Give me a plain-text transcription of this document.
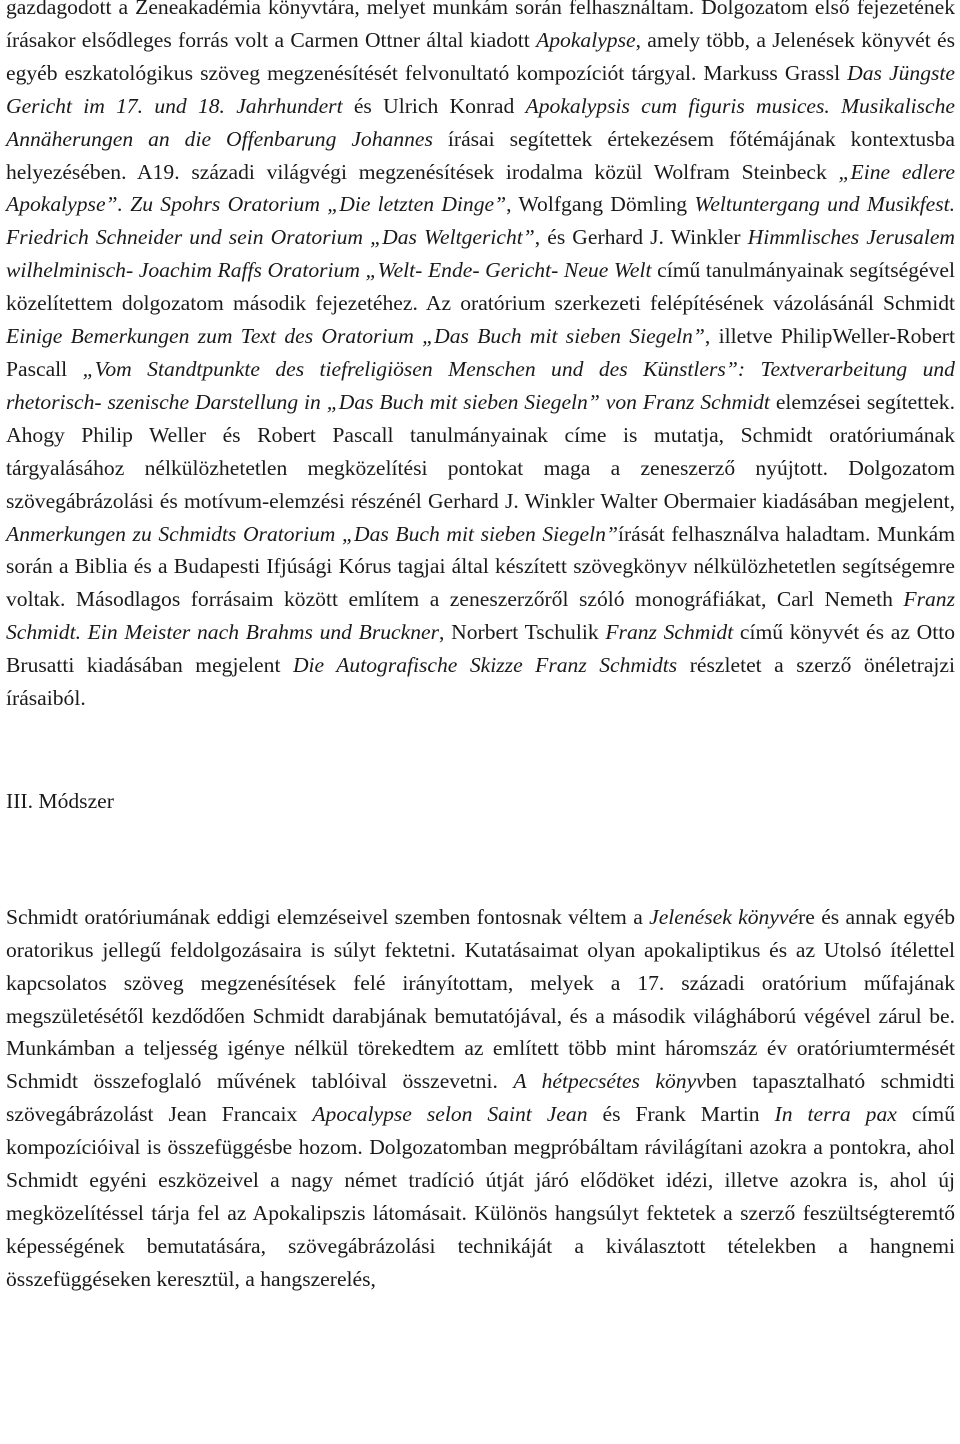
gazdagodott a Zeneakadémia könyvtára, melyet munkám során felhasználtam. Dolgozatom első fejezetének írásakor elsődleges forrás volt a Carmen Ottner által kiadott Apokalypse, amely több, a Jelenések könyvét és egyéb eszkatológikus szöveg megzenésítését felvonultató kompozíciót tárgyal. Markuss Grassl Das Jüngste Gericht im 17. und 18. Jahrhundert és Ulrich Konrad Apokalypsis cum figuris musices. Musikalische Annäherungen an die Offenbarung Johannes írásai segítettek értekezésem főtémájának kontextusba helyezésében. A19. századi világvégi megzenésítések irodalma közül Wolfram Steinbeck „Eine edlere Apokalypse”. Zu Spohrs Oratorium „Die letzten Dinge”, Wolfgang Dömling Weltuntergang und Musikfest. Friedrich Schneider und sein Oratorium „Das Weltgericht”, és Gerhard J. Winkler Himmlisches Jerusalem wilhelminisch- Joachim Raffs Oratorium „Welt- Ende- Gericht- Neue Welt című tanulmányainak segítségével közelítettem dolgozatom második fejezetéhez. Az oratórium szerkezeti felépítésének vázolásánál Schmidt Einige Bemerkungen zum Text des Oratorium „Das Buch mit sieben Siegeln”, illetve PhilipWeller-Robert Pascall „Vom Standtpunkte des tiefreligiösen Menschen und des Künstlers”: Textverarbeitung und rhetorisch- szenische Darstellung in „Das Buch mit sieben Siegeln” von Franz Schmidt elemzései segítettek. Ahogy Philip Weller és Robert Pascall tanulmányainak címe is mutatja, Schmidt oratóriumának tárgyalásához nélkülözhetetlen megközelítési pontokat maga a zeneszerző nyújtott. Dolgozatom szövegábrázolási és motívum-elemzési részénél Gerhard J. Winkler Walter Obermaier kiadásában megjelent, Anmerkungen zu Schmidts Oratorium „Das Buch mit sieben Siegeln”írását felhasználva haladtam. Munkám során a Biblia és a Budapesti Ifjúsági Kórus tagjai által készített szövegkönyv nélkülözhetetlen segítségemre voltak. Másodlagos forrásaim között említem a zeneszerzőről szóló monográfiákat, Carl Nemeth Franz Schmidt. Ein Meister nach Brahms und Bruckner, Norbert Tschulik Franz Schmidt című könyvét és az Otto Brusatti kiadásában megjelent Die Autografische Skizze Franz Schmidts részletet a szerző önéletrajzi írásaiból.

III. Módszer

Schmidt oratóriumának eddigi elemzéseivel szemben fontosnak véltem a Jelenések könyvére és annak egyéb oratorikus jellegű feldolgozásaira is súlyt fektetni. Kutatásaimat olyan apokaliptikus és az Utolsó ítélettel kapcsolatos szöveg megzenésítések felé irányítottam, melyek a 17. századi oratórium műfajának megszületésétől kezdődően Schmidt darabjának bemutatójával, és a második világháború végével zárul be. Munkámban a teljesség igénye nélkül törekedtem az említett több mint háromszáz év oratóriumtermését Schmidt összefoglaló művének tablóival összevetni. A hétpecsétes könyvben tapasztalható schmidti szövegábrázolást Jean Francaix Apocalypse selon Saint Jean és Frank Martin In terra pax című kompozícióival is összefüggésbe hozom. Dolgozatomban megpróbáltam rávilágítani azokra a pontokra, ahol Schmidt egyéni eszközeivel a nagy német tradíció útját járó elődöket idézi, illetve azokra is, ahol új megközelítéssel tárja fel az Apokalipszis látomásait. Különös hangsúlyt fektetek a szerző feszültségteremtő képességének bemutatására, szövegábrázolási technikáját a kiválasztott tételekben a hangnemi összefüggéseken keresztül, a hangszerelés,
